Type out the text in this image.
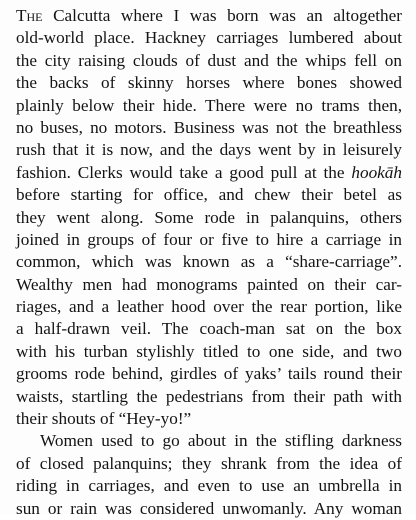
The Calcutta where I was born was an altogether
old-world place. Hackney carriages lumbered about
the city raising clouds of dust and the whips fell on
the backs of skinny horses where bones showed
plainly below their hide. There were no trams then,
no buses, no motors. Business was not the breathless
rush that it is now, and the days went by in leisurely
fashion. Clerks would take a good pull at the hookāh
before starting for office, and chew their betel as
they went along. Some rode in palanquins, others
joined in groups of four or five to hire a carriage in
common, which was known as a “share-carriage”.
Wealthy men had monograms painted on their car-
riages, and a leather hood over the rear portion, like
a half-drawn veil. The coach-man sat on the box
with his turban stylishly titled to one side, and two
grooms rode behind, girdles of yaks’ tails round their
waists, startling the pedestrians from their path with
their shouts of “Hey-yo!”
Women used to go about in the stifling darkness
of closed palanquins; they shrank from the idea of
riding in carriages, and even to use an umbrella in
sun or rain was considered unwomanly. Any woman
